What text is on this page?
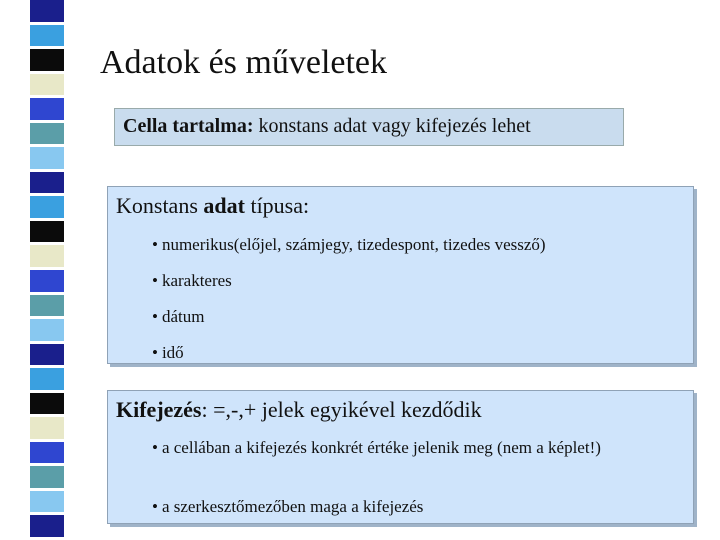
Adatok és műveletek
Cella tartalma: konstans adat vagy kifejezés lehet
Konstans adat típusa:
• numerikus(előjel, számjegy, tizedespont, tizedes vessző)
• karakteres
• dátum
• idő
Kifejezés: =,-,+ jelek egyikével kezdődik
• a cellában a kifejezés konkrét értéke jelenik meg (nem a képlet!)
• a szerkesztőmezőben maga a kifejezés
